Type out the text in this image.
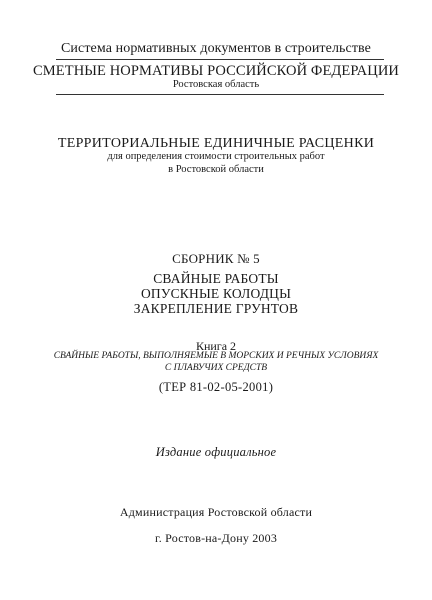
Система нормативных документов в строительстве
СМЕТНЫЕ НОРМАТИВЫ РОССИЙСКОЙ ФЕДЕРАЦИИ
Ростовская область
ТЕРРИТОРИАЛЬНЫЕ ЕДИНИЧНЫЕ РАСЦЕНКИ
для определения стоимости строительных работ
в Ростовской области
СБОРНИК № 5
СВАЙНЫЕ РАБОТЫ
ОПУСКНЫЕ КОЛОДЦЫ
ЗАКРЕПЛЕНИЕ ГРУНТОВ
Книга 2
СВАЙНЫЕ РАБОТЫ, ВЫПОЛНЯЕМЫЕ В МОРСКИХ И РЕЧНЫХ УСЛОВИЯХ
С ПЛАВУЧИХ СРЕДСТВ
(ТЕР 81-02-05-2001)
Издание официальное
Администрация Ростовской области
г. Ростов-на-Дону 2003
